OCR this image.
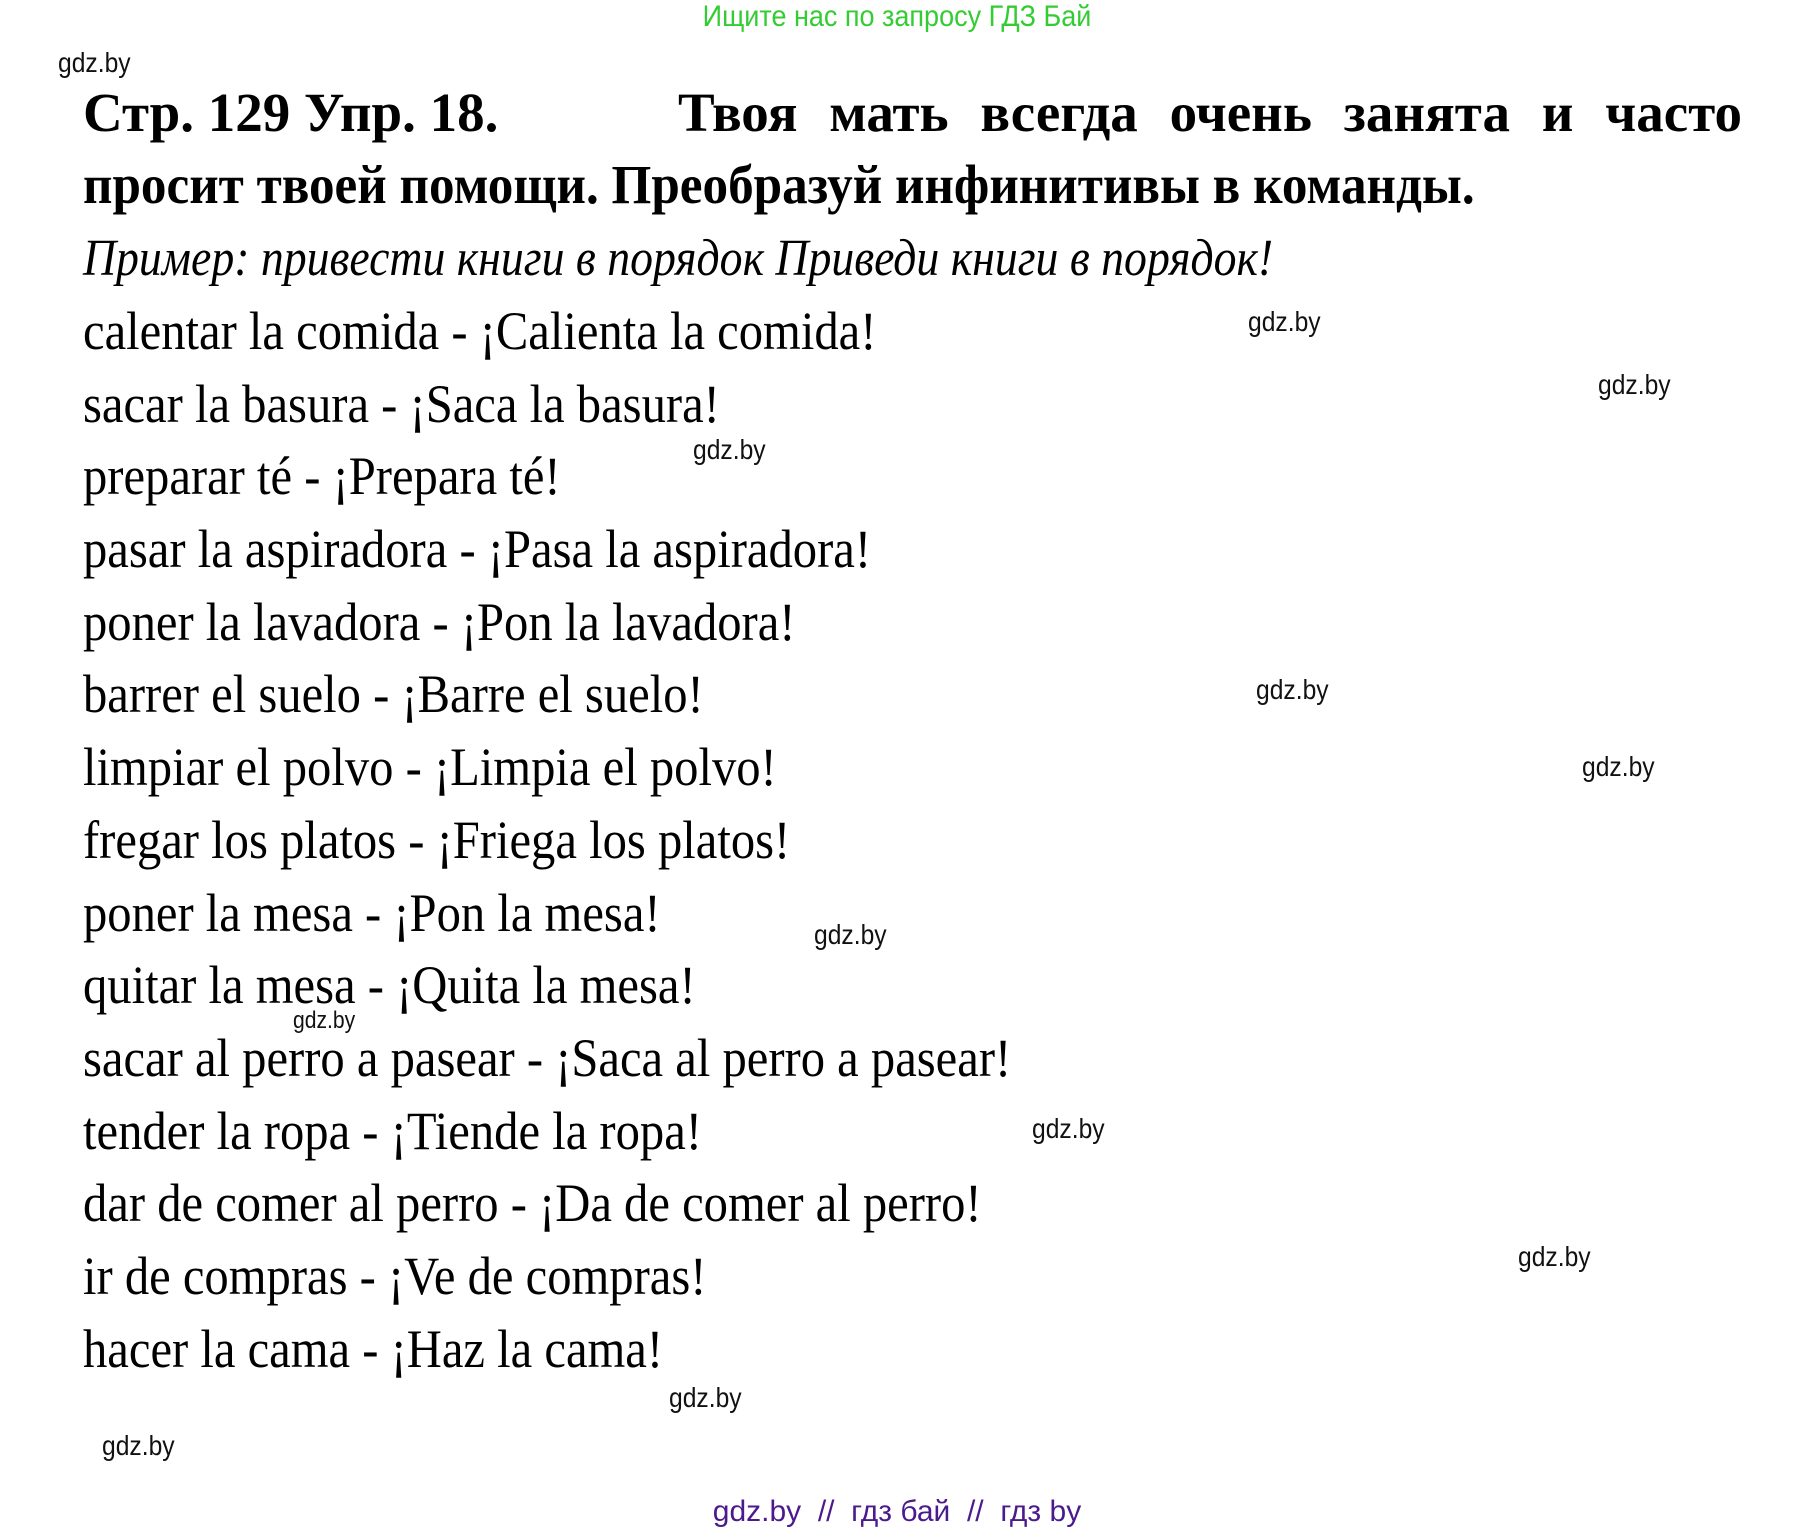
Ищите нас по запросу ГДЗ Бай
Стр. 129 Упр. 18.	Твоя мать всегда очень занята и часто
просит твоей помощи. Преобразуй инфинитивы в команды.
Пример: привести книги в порядок Приведи книги в порядок!
calentar la comida - ¡Calienta la comida!
sacar la basura - ¡Saca la basura!
preparar té - ¡Prepara té!
pasar la aspiradora - ¡Pasa la aspiradora!
poner la lavadora - ¡Pon la lavadora!
barrer el suelo - ¡Barre el suelo!
limpiar el polvo - ¡Limpia el polvo!
fregar los platos - ¡Friega los platos!
poner la mesa - ¡Pon la mesa!
quitar la mesa - ¡Quita la mesa!
sacar al perro a pasear - ¡Saca al perro a pasear!
tender la ropa - ¡Tiende la ropa!
dar de comer al perro - ¡Da de comer al perro!
ir de compras - ¡Ve de compras!
hacer la cama - ¡Haz la cama!
gdz.by
gdz.by
gdz.by
gdz.by
gdz.by
gdz.by
gdz.by
gdz.by
gdz.by
gdz.by
gdz.by
gdz.by
gdz.by  //  гдз бай  //  гдз by
